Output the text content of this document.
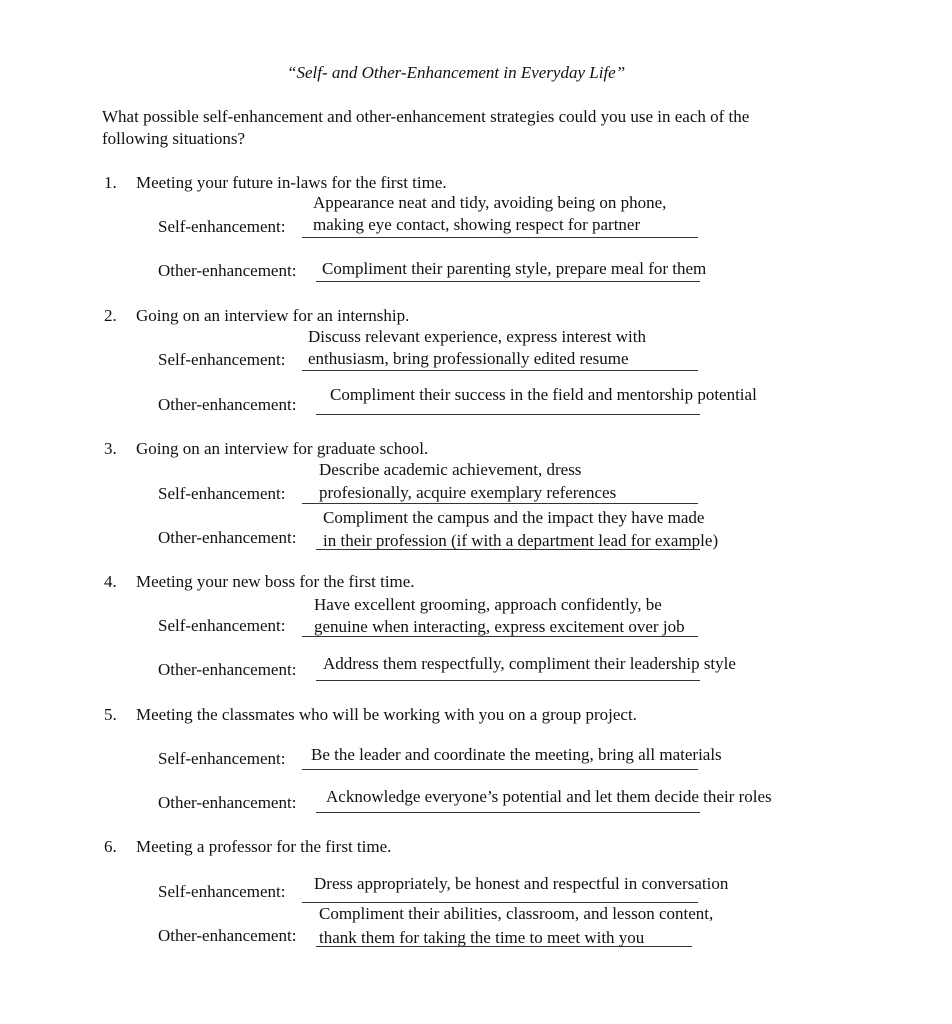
“Self- and Other-Enhancement in Everyday Life”
What possible self-enhancement and other-enhancement strategies could you use in each of the
following situations?
1. Meeting your future in-laws for the first time.
Appearance neat and tidy, avoiding being on phone,
Self-enhancement: making eye contact, showing respect for partner
Other-enhancement: Compliment their parenting style, prepare meal for them
2. Going on an interview for an internship.
Discuss relevant experience, express interest with
Self-enhancement: enthusiasm, bring professionally edited resume
Compliment their success in the field and mentorship potential
Other-enhancement:
3. Going on an interview for graduate school.
Describe academic achievement, dress
Self-enhancement: profesionally, acquire exemplary references
Compliment the campus and the impact they have made
Other-enhancement: in their profession (if with a department lead for example)
4. Meeting your new boss for the first time.
Have excellent grooming, approach confidently, be
Self-enhancement: genuine when interacting, express excitement over job
Other-enhancement: Address them respectfully, compliment their leadership style
5. Meeting the classmates who will be working with you on a group project.
Self-enhancement: Be the leader and coordinate the meeting, bring all materials
Other-enhancement: Acknowledge everyone’s potential and let them decide their roles
6. Meeting a professor for the first time.
Self-enhancement: Dress appropriately, be honest and respectful in conversation
Compliment their abilities, classroom, and lesson content,
Other-enhancement: thank them for taking the time to meet with you
